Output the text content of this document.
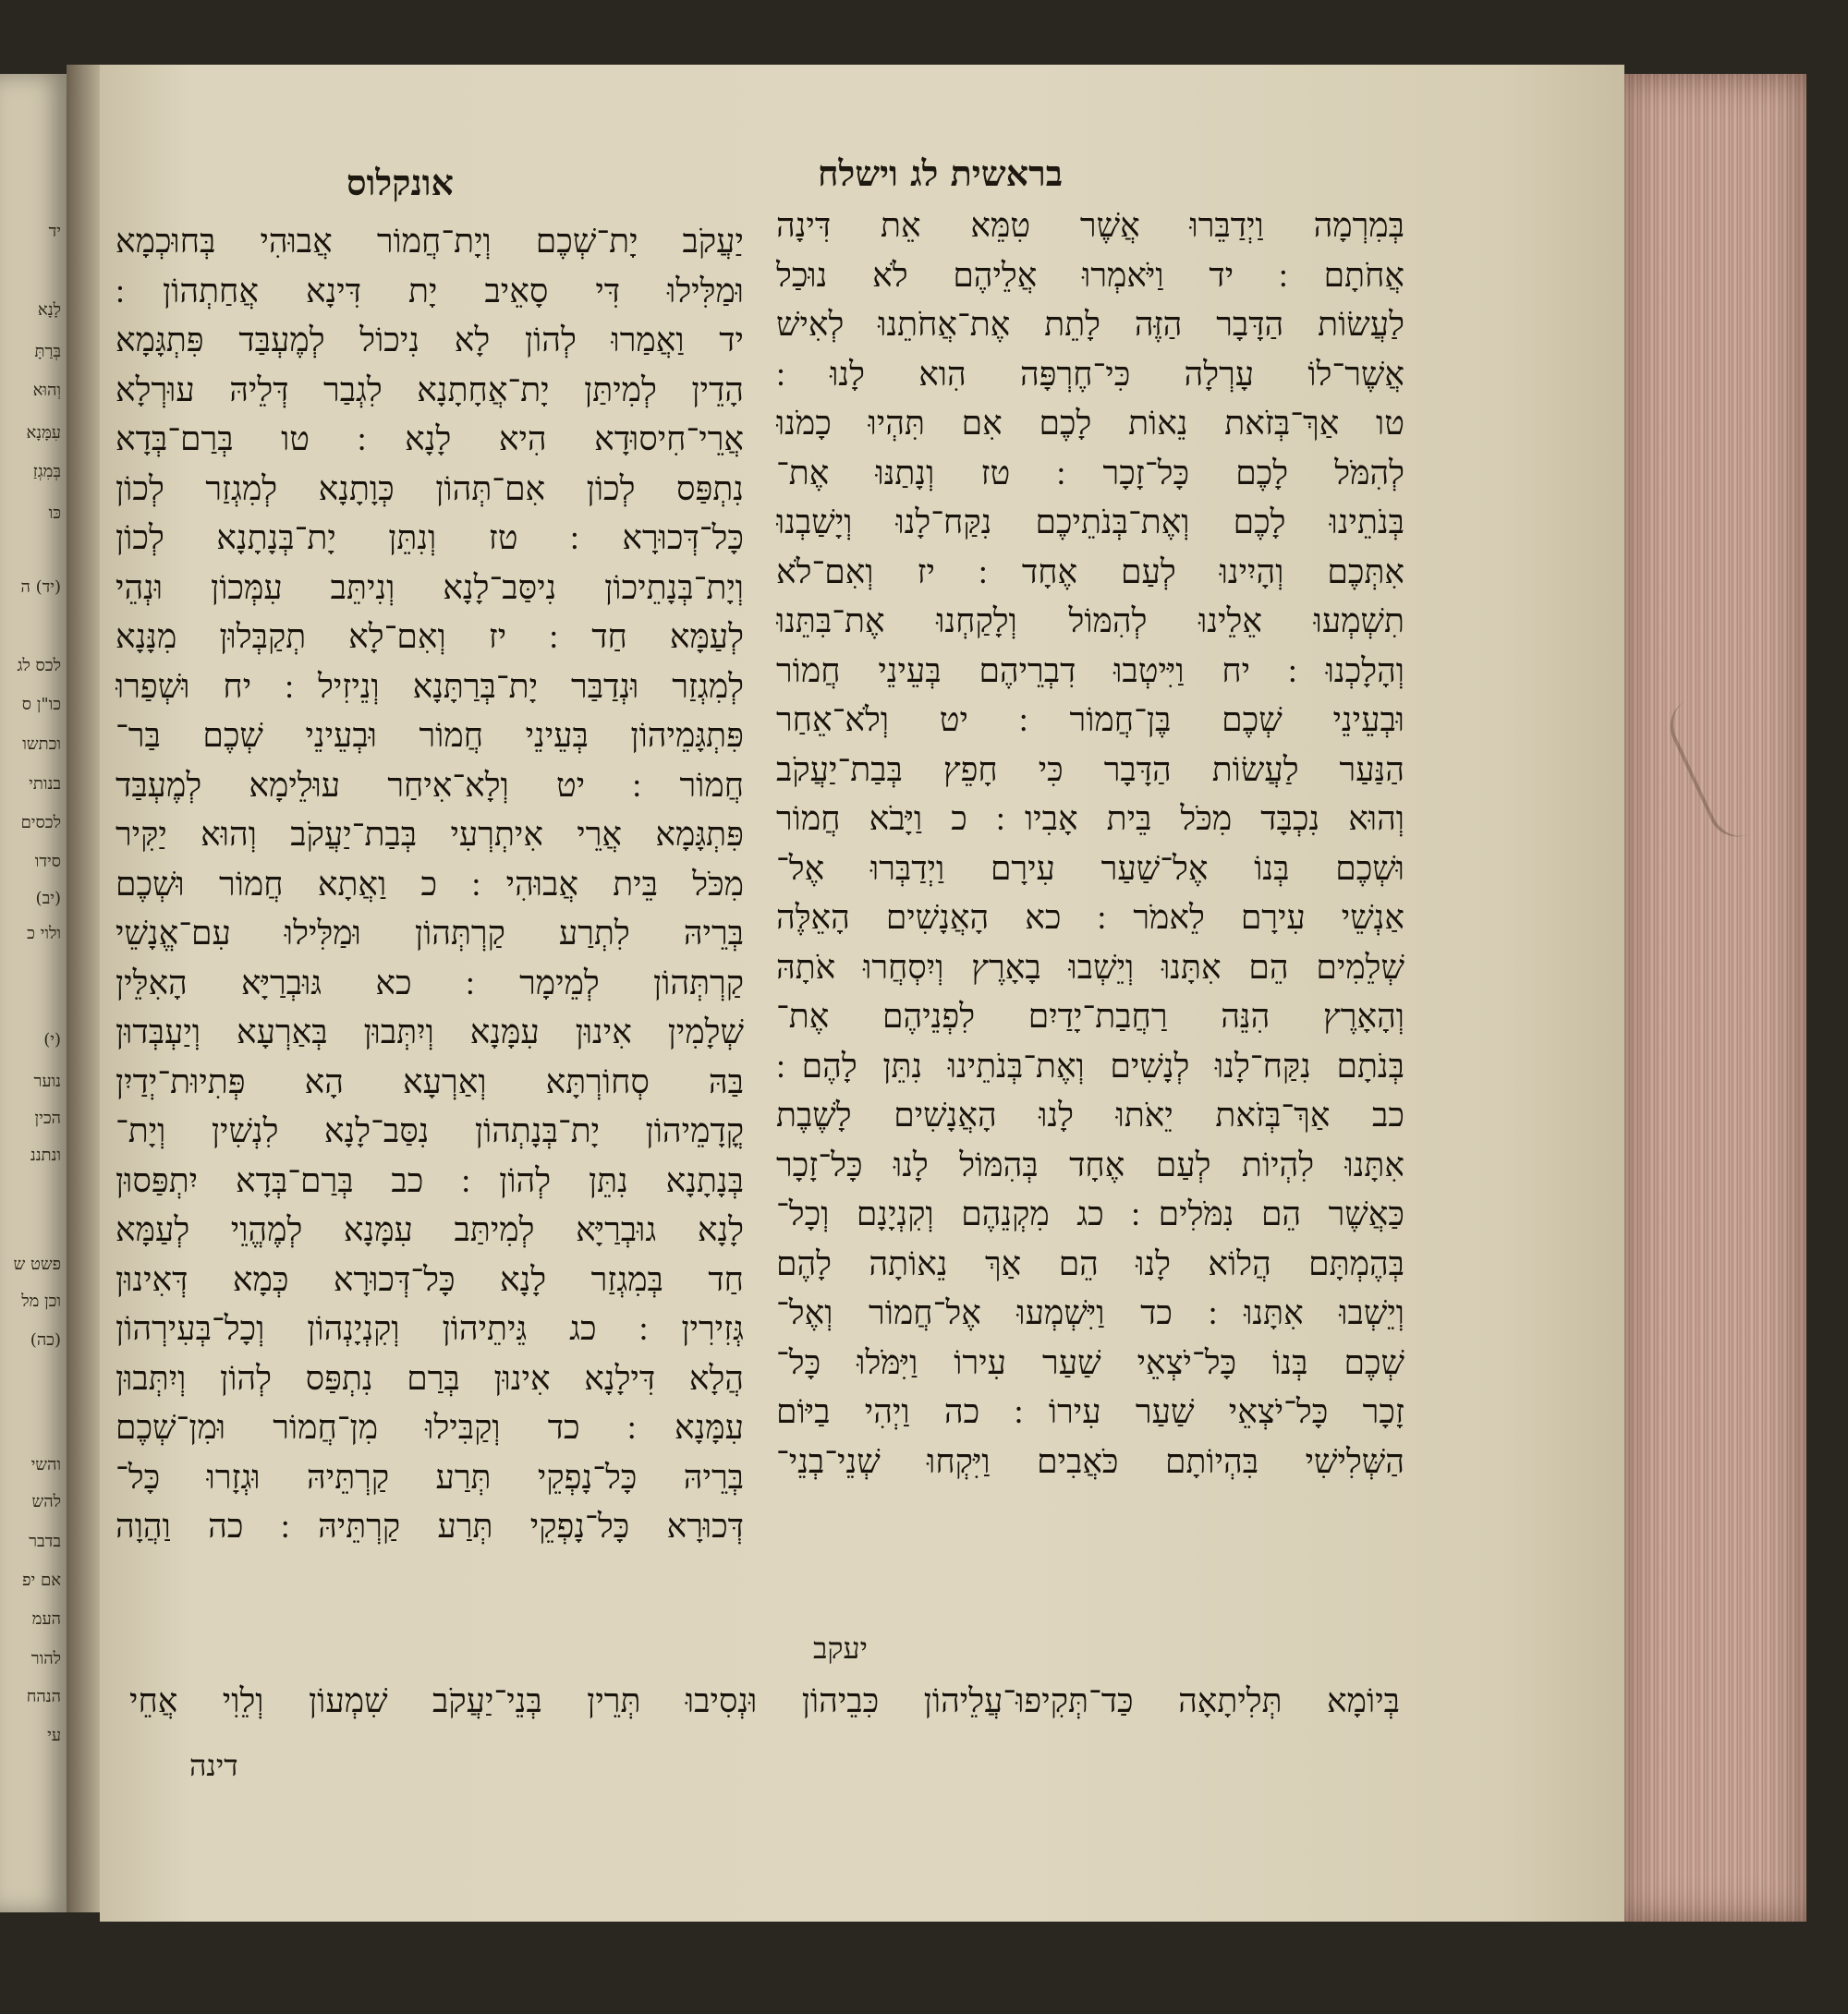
יד
לָנָא
בְּרַתָּ
וְהוּא
עִמָּנָא
בְּמִגְזַ
כּו
(יד) ה
לכס לג
כו"ן ס
וכתשו
בנותי
לכסים
סידו
(יב)
ולוי כ
(י)
נוער
הכין
ונתננ
פשט ש
וכן מל
(כה)
והשי
להש
בדבר
אם יפ
העמ
להור
הנהח
עי
בראשית לג וישלח
אונקלוס
בְּמִרְמָה וַיְדַבֵּרוּ אֲשֶׁר טִמֵּא אֵת דִּינָה
אֲחֹתָם ׃ יד וַיֹּאמְרוּ אֲלֵיהֶם לֹא נוּכַל
לַעֲשׂוֹת הַדָּבָר הַזֶּה לָתֵת אֶת־אֲחֹתֵנוּ לְאִישׁ
אֲשֶׁר־לוֹ עָרְלָה כִּי־חֶרְפָּה הִוא לָנוּ ׃
טו אַךְ־בְּזֹאת נֵאוֹת לָכֶם אִם תִּהְיוּ כָמֹנוּ
לְהִמֹּל לָכֶם כָּל־זָכָר ׃ טז וְנָתַנּוּ אֶת־
בְּנֹתֵינוּ לָכֶם וְאֶת־בְּנֹתֵיכֶם נִקַּח־לָנוּ וְיָשַׁבְנוּ
אִתְּכֶם וְהָיִינוּ לְעַם אֶחָד ׃ יז וְאִם־לֹא
תִשְׁמְעוּ אֵלֵינוּ לְהִמּוֹל וְלָקַחְנוּ אֶת־בִּתֵּנוּ
וְהָלָכְנוּ ׃ יח וַיִּיטְבוּ דִבְרֵיהֶם בְּעֵינֵי חֲמוֹר
וּבְעֵינֵי שְׁכֶם בֶּן־חֲמוֹר ׃ יט וְלֹא־אֵחַר
הַנַּעַר לַעֲשׂוֹת הַדָּבָר כִּי חָפֵץ בְּבַת־יַעֲקֹב
וְהוּא נִכְבָּד מִכֹּל בֵּית אָבִיו ׃ כ וַיָּבֹא חֲמוֹר
וּשְׁכֶם בְּנוֹ אֶל־שַׁעַר עִירָם וַיְדַבְּרוּ אֶל־
אַנְשֵׁי עִירָם לֵאמֹר ׃ כא הָאֲנָשִׁים הָאֵלֶּה
שְׁלֵמִים הֵם אִתָּנוּ וְיֵשְׁבוּ בָאָרֶץ וְיִסְחֲרוּ אֹתָהּ
וְהָאָרֶץ הִנֵּה רַחֲבַת־יָדַיִם לִפְנֵיהֶם אֶת־
בְּנֹתָם נִקַּח־לָנוּ לְנָשִׁים וְאֶת־בְּנֹתֵינוּ נִתֵּן לָהֶם ׃
כב אַךְ־בְּזֹאת יֵאֹתוּ לָנוּ הָאֲנָשִׁים לָשֶׁבֶת
אִתָּנוּ לִהְיוֹת לְעַם אֶחָד בְּהִמּוֹל לָנוּ כָּל־זָכָר
כַּאֲשֶׁר הֵם נִמֹּלִים ׃ כג מִקְנֵהֶם וְקִנְיָנָם וְכָל־
בְּהֶמְתָּם הֲלוֹא לָנוּ הֵם אַךְ נֵאוֹתָה לָהֶם
וְיֵשְׁבוּ אִתָּנוּ ׃ כד וַיִּשְׁמְעוּ אֶל־חֲמוֹר וְאֶל־
שְׁכֶם בְּנוֹ כָּל־יֹצְאֵי שַׁעַר עִירוֹ וַיִּמֹּלוּ כָּל־
זָכָר כָּל־יֹצְאֵי שַׁעַר עִירוֹ ׃ כה וַיְהִי בַיּוֹם
הַשְּׁלִישִׁי בִּהְיוֹתָם כֹּאֲבִים וַיִּקְחוּ שְׁנֵי־בְנֵי־
יַעֲקֹב יָת־שְׁכֶם וְיָת־חֲמוֹר אֲבוּהִי בְּחוּכְמָא
וּמַלִּילוּ דִּי סָאֵיב יָת דִּינָא אֲחַתְהוֹן ׃
יד וַאֲמַרוּ לְהוֹן לָא נִיכוֹל לְמֶעְבַּד פִּתְגָּמָא
הָדֵין לְמִיתַּן יָת־אֲחָתָנָא לִגְבַר דְּלֵיהּ עוּרְלָא
אֲרֵי־חִיסוּדָא הִיא לָנָא ׃ טו בְּרַם־בְּדָא
נִתְפַּס לְכוֹן אִם־תְּהוֹן כְּוָתָנָא לְמִגְזַר לְכוֹן
כָּל־דְּכוּרָא ׃ טז וְנִתֵּן יָת־בְּנָתָנָא לְכוֹן
וְיָת־בְּנָתֵיכוֹן נִיסַּב־לָנָא וְנִיתֵּב עִמְּכוֹן וּנְהֵי
לְעַמָּא חַד ׃ יז וְאִם־לָא תְקַבְּלוּן מִנָּנָא
לְמִגְזַר וּנְדַבַּר יָת־בְּרַתָּנָא וְנֵיזִיל ׃ יח וּשְׁפַרוּ
פִּתְגָּמֵיהוֹן בְּעֵינֵי חֲמוֹר וּבְעֵינֵי שְׁכֶם בַּר־
חֲמוֹר ׃ יט וְלָא־אִיחַר עוּלֵימָא לְמֶעְבַּד
פִּתְגָּמָא אֲרֵי אִיתְרְעִי בְּבַת־יַעֲקֹב וְהוּא יַקִּיר
מִכֹּל בֵּית אֲבוּהִי ׃ כ וַאֲתָא חֲמוֹר וּשְׁכֶם
בְּרֵיהּ לִתְרַע קַרְתְּהוֹן וּמַלִּילוּ עִם־אֱנָשֵׁי
קַרְתְּהוֹן לְמֵימָר ׃ כא גּוּבְרַיָּא הָאִלֵּין
שְׁלָמִין אִינוּן עִמָּנָא וְיִתְּבוּן בְּאַרְעָא וְיַעְבְּדוּן
בַּהּ סְחוֹרְתָּא וְאַרְעָא הָא פְּתִיוּת־יְדַיִן
קֳדָמֵיהוֹן יָת־בְּנָתְהוֹן נִסַּב־לָנָא לִנְשִׁין וְיָת־
בְּנָתָנָא נִתֵּן לְהוֹן ׃ כב בְּרַם־בְּדָא יִתְפַּסוּן
לָנָא גוּבְרַיָּא לְמִיתַּב עִמָּנָא לְמֶהֱוֵי לְעַמָּא
חַד בְּמִגְזַר לָנָא כָּל־דְּכוּרָא כְּמָא דְּאִינוּן
גְּזִירִין ׃ כג גֵּיתֵיהוֹן וְקִנְיָנְהוֹן וְכָל־בְּעִירְהוֹן
הֲלָא דִּילָנָא אִינוּן בְּרַם נִתְפַּס לְהוֹן וְיִתְּבוּן
עִמָּנָא ׃ כד וְקַבִּילוּ מִן־חֲמוֹר וּמִן־שְׁכֶם
בְּרֵיהּ כָּל־נָפְקֵי תְּרַע קַרְתֵּיהּ וּגְזָרוּ כָּל־
דְּכוּרָא כָּל־נָפְקֵי תְּרַע קַרְתֵּיהּ ׃ כה וַהֲוָה
יעקב
בְּיוֹמָא תְּלִיתָאָה כַּד־תְּקִיפוּ־עֲלֵיהוֹן כִּבֵיהוֹן וּנְסִיבוּ תְּרֵין בְּנֵי־יַעֲקֹב שִׁמְעוֹן וְלֵוִי אֲחֵי
דינה
